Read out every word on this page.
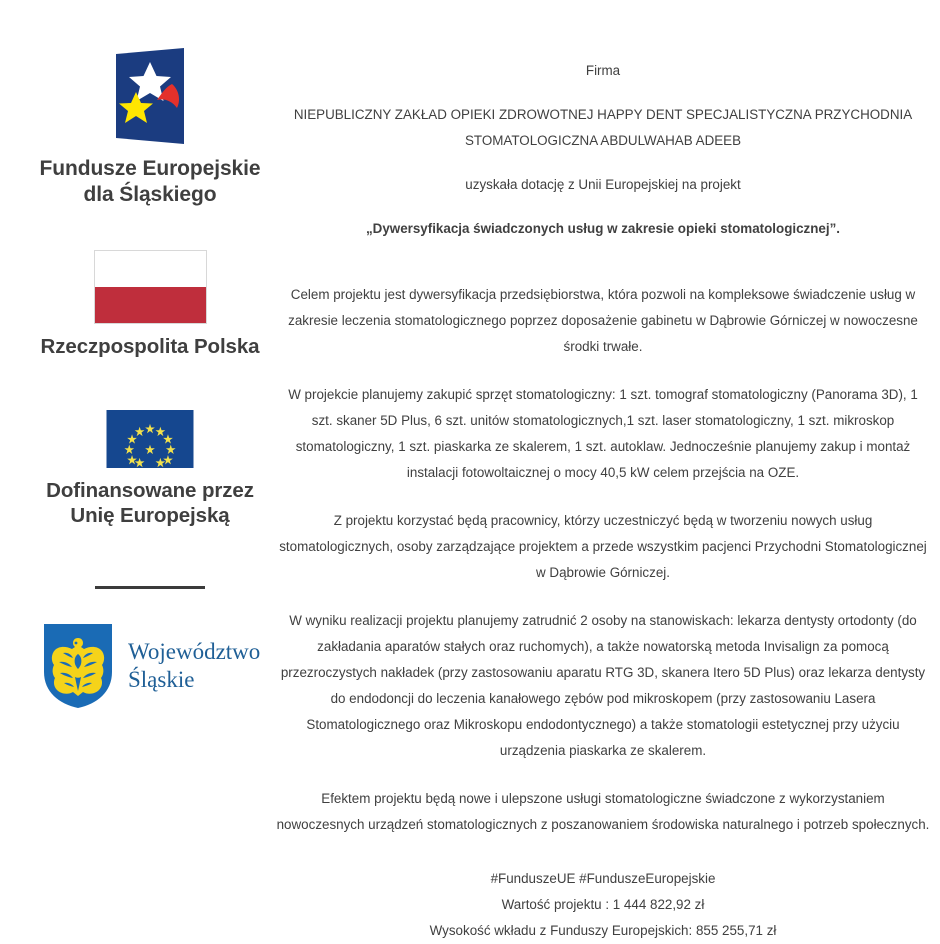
Fundusze Europejskie
dla Śląskiego
Rzeczpospolita Polska
Dofinansowane przez
Unię Europejską
Województwo
Śląskie

Firma

NIEPUBLICZNY ZAKŁAD OPIEKI ZDROWOTNEJ HAPPY DENT SPECJALISTYCZNA PRZYCHODNIA STOMATOLOGICZNA ABDULWAHAB ADEEB

uzyskała dotację z Unii Europejskiej na projekt

„Dywersyfikacja świadczonych usług w zakresie opieki stomatologicznej”.

Celem projektu jest dywersyfikacja przedsiębiorstwa, która pozwoli na kompleksowe świadczenie usług w zakresie leczenia stomatologicznego poprzez doposażenie gabinetu w Dąbrowie Górniczej w nowoczesne środki trwałe.

W projekcie planujemy zakupić sprzęt stomatologiczny: 1 szt. tomograf stomatologiczny (Panorama 3D), 1 szt. skaner 5D Plus, 6 szt. unitów stomatologicznych,1 szt. laser stomatologiczny, 1 szt. mikroskop stomatologiczny, 1 szt. piaskarka ze skalerem, 1 szt. autoklaw. Jednocześnie planujemy zakup i montaż instalacji fotowoltaicznej o mocy 40,5 kW celem przejścia na OZE.

Z projektu korzystać będą pracownicy, którzy uczestniczyć będą w tworzeniu nowych usług stomatologicznych, osoby zarządzające projektem a przede wszystkim pacjenci Przychodni Stomatologicznej w Dąbrowie Górniczej.

W wyniku realizacji projektu planujemy zatrudnić 2 osoby na stanowiskach: lekarza dentysty ortodonty (do zakładania aparatów stałych oraz ruchomych), a także nowatorską metoda Invisalign za pomocą przezroczystych nakładek (przy zastosowaniu aparatu RTG 3D, skanera Itero 5D Plus) oraz lekarza dentysty do endodoncji do leczenia kanałowego zębów pod mikroskopem (przy zastosowaniu Lasera Stomatologicznego oraz Mikroskopu endodontycznego) a także stomatologii estetycznej przy użyciu urządzenia piaskarka ze skalerem.

Efektem projektu będą nowe i ulepszone usługi stomatologiczne świadczone z wykorzystaniem nowoczesnych urządzeń stomatologicznych z poszanowaniem środowiska naturalnego i potrzeb społecznych.

#FunduszeUE #FunduszeEuropejskie

Wartość projektu : 1 444 822,92 zł

Wysokość wkładu z Funduszy Europejskich: 855 255,71 zł
